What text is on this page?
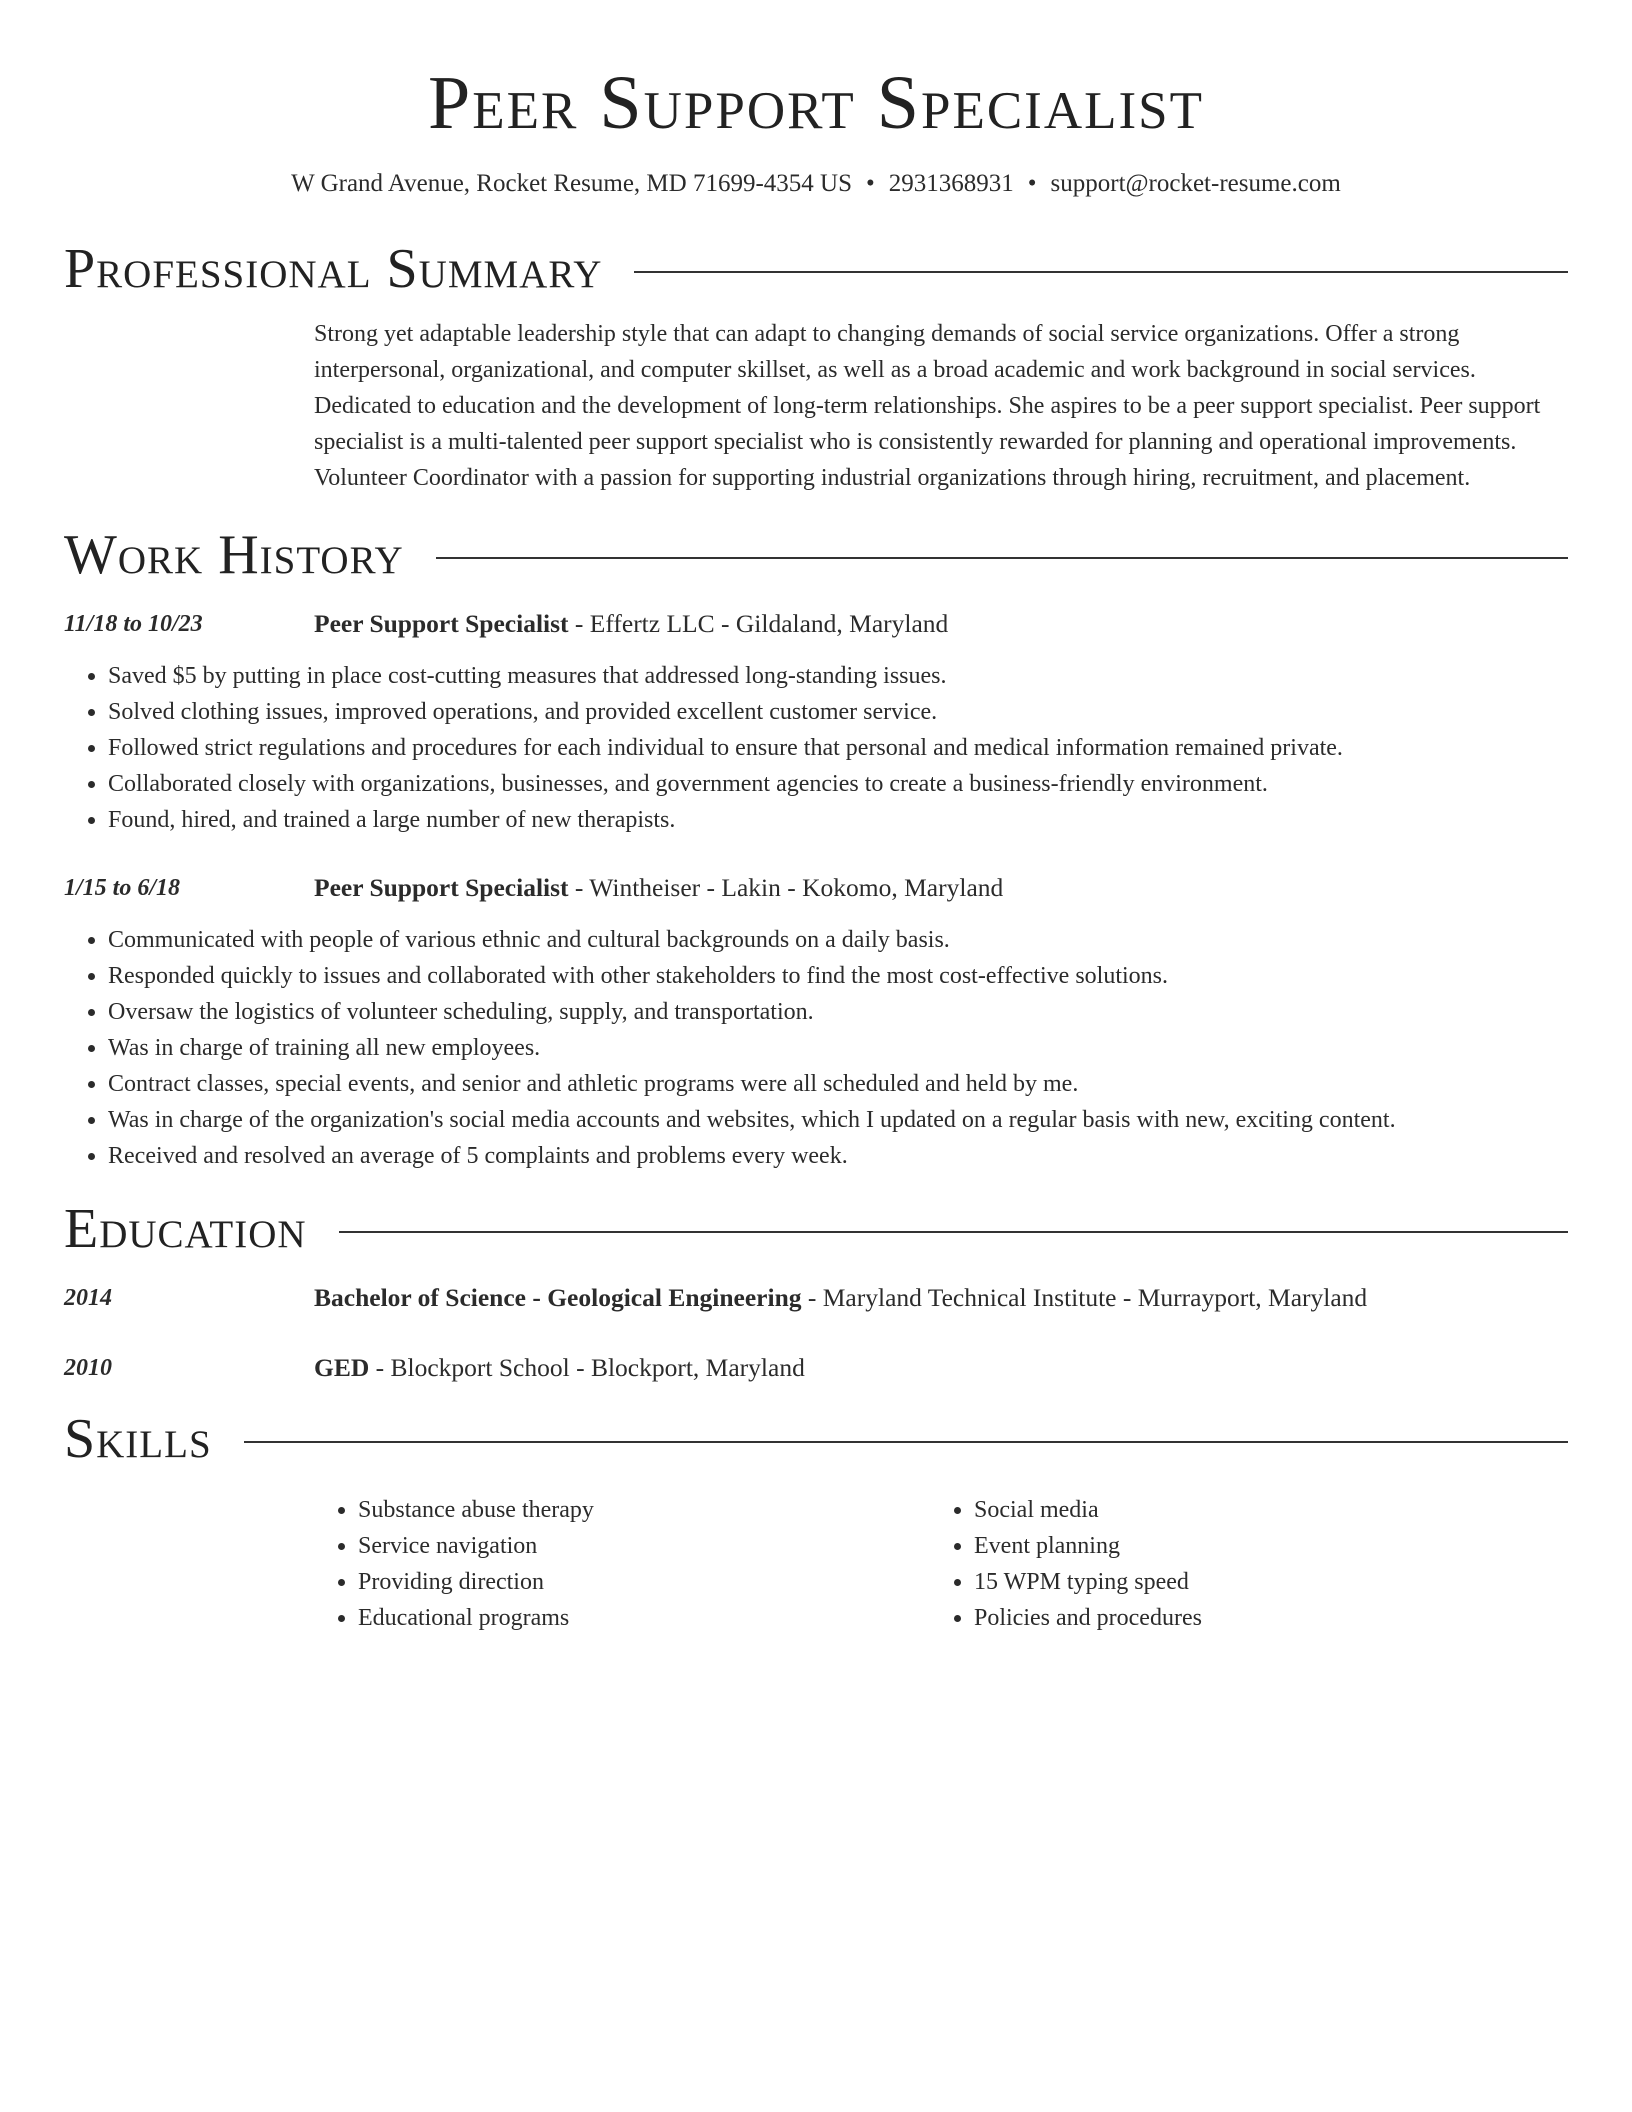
Peer Support Specialist
W Grand Avenue, Rocket Resume, MD 71699-4354 US • 2931368931 • support@rocket-resume.com
Professional Summary
Strong yet adaptable leadership style that can adapt to changing demands of social service organizations. Offer a strong interpersonal, organizational, and computer skillset, as well as a broad academic and work background in social services. Dedicated to education and the development of long-term relationships. She aspires to be a peer support specialist. Peer support specialist is a multi-talented peer support specialist who is consistently rewarded for planning and operational improvements. Volunteer Coordinator with a passion for supporting industrial organizations through hiring, recruitment, and placement.
Work History
11/18 to 10/23	Peer Support Specialist - Effertz LLC - Gildaland, Maryland
• Saved $5 by putting in place cost-cutting measures that addressed long-standing issues.
• Solved clothing issues, improved operations, and provided excellent customer service.
• Followed strict regulations and procedures for each individual to ensure that personal and medical information remained private.
• Collaborated closely with organizations, businesses, and government agencies to create a business-friendly environment.
• Found, hired, and trained a large number of new therapists.
1/15 to 6/18	Peer Support Specialist - Wintheiser - Lakin - Kokomo, Maryland
• Communicated with people of various ethnic and cultural backgrounds on a daily basis.
• Responded quickly to issues and collaborated with other stakeholders to find the most cost-effective solutions.
• Oversaw the logistics of volunteer scheduling, supply, and transportation.
• Was in charge of training all new employees.
• Contract classes, special events, and senior and athletic programs were all scheduled and held by me.
• Was in charge of the organization's social media accounts and websites, which I updated on a regular basis with new, exciting content.
• Received and resolved an average of 5 complaints and problems every week.
Education
2014	Bachelor of Science - Geological Engineering - Maryland Technical Institute - Murrayport, Maryland
2010	GED - Blockport School - Blockport, Maryland
Skills
• Substance abuse therapy
• Service navigation
• Providing direction
• Educational programs
• Social media
• Event planning
• 15 WPM typing speed
• Policies and procedures
